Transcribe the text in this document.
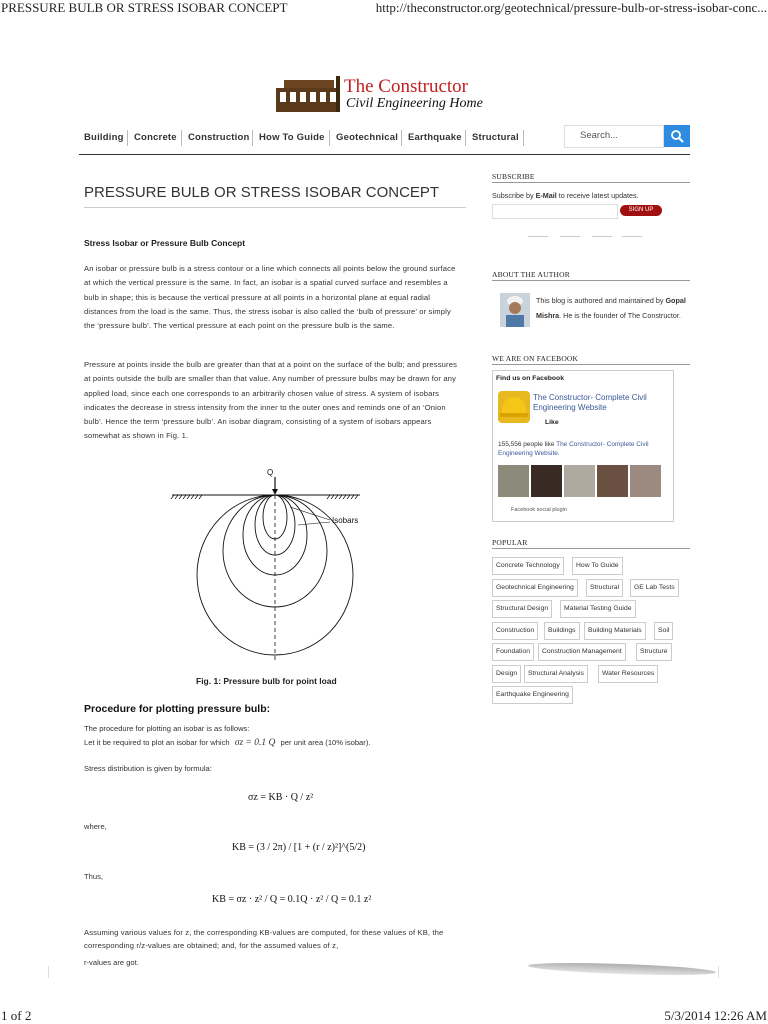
PRESSURE BULB OR STRESS ISOBAR CONCEPT	http://theconstructor.org/geotechnical/pressure-bulb-or-stress-isobar-conc...
The Constructor
Civil Engineering Home
Building Concrete Construction How To Guide Geotechnical Earthquake Structural	Search...
PRESSURE BULB OR STRESS ISOBAR CONCEPT
Stress Isobar or Pressure Bulb Concept
An isobar or pressure bulb is a stress contour or a line which connects all points below the ground surface at which the vertical pressure is the same. In fact, an isobar is a spatial curved surface and resembles a bulb in shape; this is because the vertical pressure at all points in a horizontal plane at equal radial distances from the load is the same. Thus, the stress isobar is also called the ‘bulb of pressure’ or simply the ‘pressure bulb’. The vertical pressure at each point on the pressure bulb is the same.
Pressure at points inside the bulb are greater than that at a point on the surface of the bulb; and pressures at points outside the bulb are smaller than that value. Any number of pressure bulbs may be drawn for any applied load, since each one corresponds to an arbitrarily chosen value of stress. A system of isobars indicates the decrease in stress intensity from the inner to the outer ones and reminds one of an ‘Onion bulb’. Hence the term ‘pressure bulb’. An isobar diagram, consisting of a system of isobars appears somewhat as shown in Fig. 1.
Q
Isobars
Fig. 1: Pressure bulb for point load
Procedure for plotting pressure bulb:
The procedure for plotting an isobar is as follows:
Let it be required to plot an isobar for which σz = 0.1 Q per unit area (10% isobar).
Stress distribution is given by formula:
σz = KB · Q / z²
where,
KB = (3 / 2π) / [1 + (r / z)²]^(5/2)
Thus,
KB = σz · z² / Q = 0.1Q · z² / Q = 0.1 z²
Assuming various values for z, the corresponding KB-values are computed, for these values of KB, the corresponding r/z-values are obtained; and, for the assumed values of z,
r-values are got.
SUBSCRIBE
Subscribe by E-Mail to receive latest updates.
SIGN UP
ABOUT THE AUTHOR
This blog is authored and maintained by Gopal Mishra. He is the founder of The Constructor.
WE ARE ON FACEBOOK
Find us on Facebook
The Constructor- Complete Civil Engineering Website
Like
155,556 people like The Constructor- Complete Civil Engineering Website.
Facebook social plugin
POPULAR
Concrete Technology	How To Guide
Geotechnical Engineering	Structural	GE Lab Tests
Structural Design	Material Testing Guide
Construction	Buildings	Building Materials	Soil
Foundation	Construction Management	Structure
Design	Structural Analysis	Water Resources
Earthquake Engineering
1 of 2	5/3/2014 12:26 AM
